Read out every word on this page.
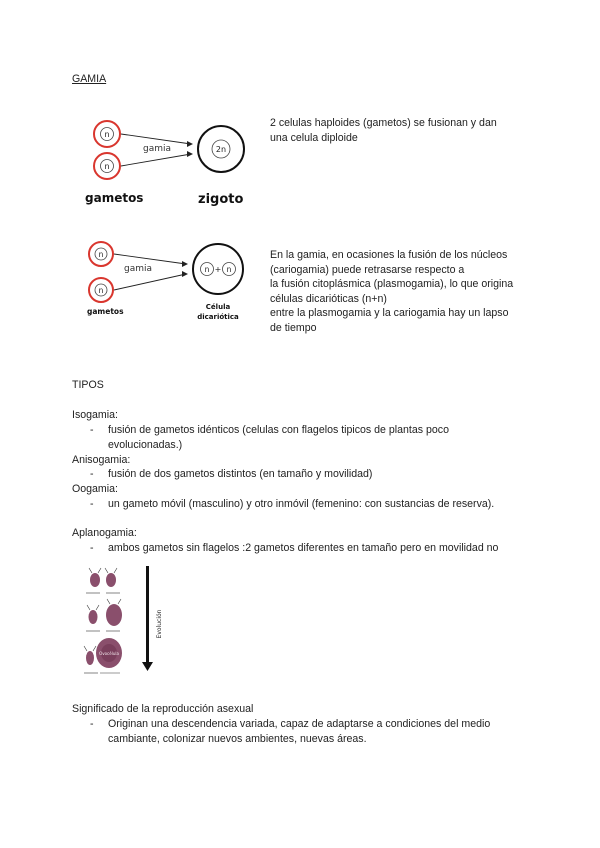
GAMIA
n
n
gamia	2n
gametos	zigoto
2 celulas haploides (gametos) se fusionan y dan
una celula diploide
n
n
gamia	n + n
gametos	Célula
dicariótica
En la gamia, en ocasiones la fusión de los núcleos
(cariogamia) puede retrasarse respecto a
la fusión citoplásmica (plasmogamia), lo que origina
células dicarióticas (n+n)
entre la plasmogamia y la cariogamia hay un lapso
de tiempo
TIPOS
Isogamia:
- fusión de gametos idénticos (celulas con flagelos tipicos de plantas poco
evolucionadas.)
Anisogamia:
- fusión de dos gametos distintos (en tamaño y movilidad)
Oogamia:
- un gameto móvil (masculino) y otro inmóvil (femenino: con sustancias de reserva).
Aplanogamia:
- ambos gametos sin flagelos :2 gametos diferentes en tamaño pero en movilidad no
Ovocélula
Evolución
Significado de la reproducción asexual
- Originan una descendencia variada, capaz de adaptarse a condiciones del medio
cambiante, colonizar nuevos ambientes, nuevas áreas.
